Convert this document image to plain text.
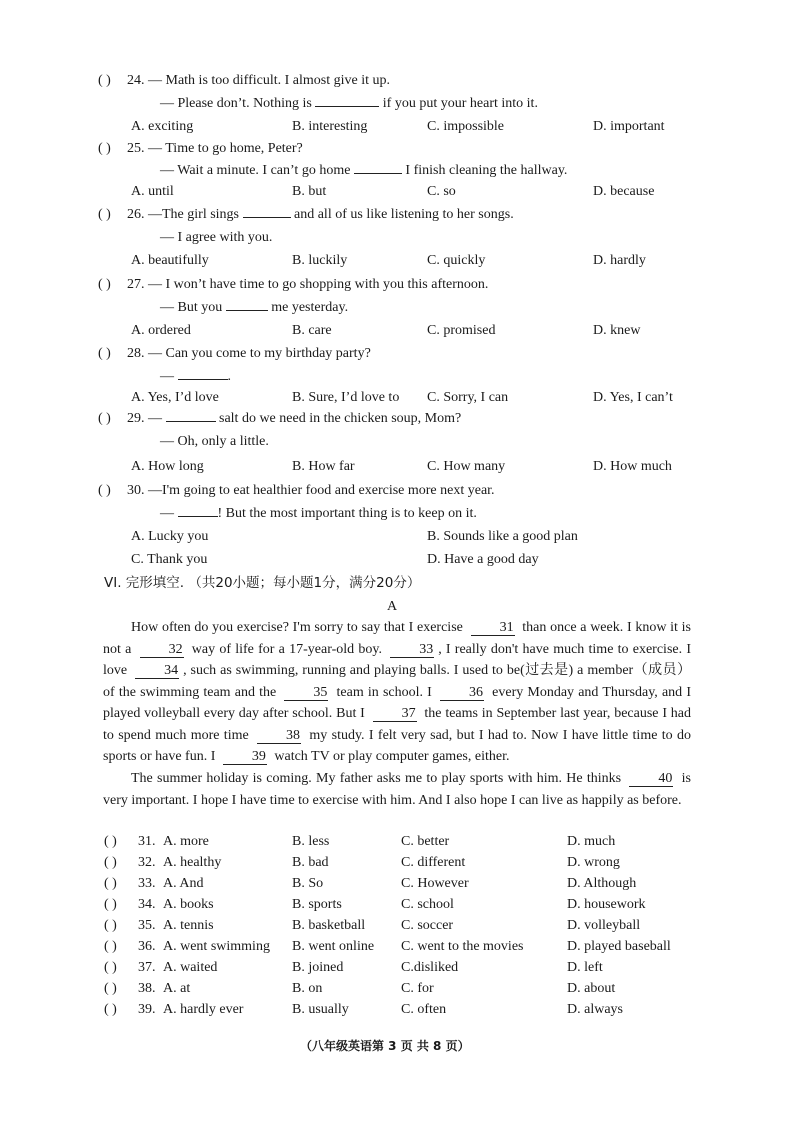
( ) 24. — Math is too difficult. I almost give it up.
— Please don’t. Nothing is	if you put your heart into it.
A. exciting	B. interesting	C. impossible	D. important
( ) 25. — Time to go home, Peter?
— Wait a minute. I can’t go home	I finish cleaning the hallway.
A. until	B. but	C. so	D. because
( ) 26. —The girl sings	and all of us like listening to her songs.
— I agree with you.
A. beautifully	B. luckily	C. quickly	D. hardly
( ) 27. — I won’t have time to go shopping with you this afternoon.
— But you	me yesterday.
A. ordered	B. care	C. promised	D. knew
( ) 28. — Can you come to my birthday party?
—	.
A. Yes, I’d love	B. Sure, I’d love to C. Sorry, I can	D. Yes, I can’t
( ) 29. —	salt do we need in the chicken soup, Mom?
— Oh, only a little.
A. How long	B. How far	C. How many	D. How much
( ) 30. —I'm going to eat healthier food and exercise more next year.
—	! But the most important thing is to keep on it.
A. Lucky you	B. Sounds like a good plan
C. Thank you	D. Have a good day
VI. 完形填空. （共20小题；每小题1分，满分20分）
A
How often do you exercise? I'm sorry to say that I exercise 31 than once a week. I know it is not a 32 way of life for a 17-year-old boy. 33 , I really don't have much time to exercise. I love 34 , such as swimming, running and playing balls. I used to be(过去是) a member（成员）of the swimming team and the 35 team in school. I 36 every Monday and Thursday, and I played volleyball every day after school. But I 37 the teams in September last year, because I had to spend much more time 38 my study. I felt very sad, but I had to. Now I have little time to do sports or have fun. I 39 watch TV or play computer games, either.
The summer holiday is coming. My father asks me to play sports with him. He thinks 40 is very important. I hope I have time to exercise with him. And I also hope I can live as happily as before.
( ) 31. A. more	B. less	C. better	D. much
( ) 32. A. healthy	B. bad	C. different	D. wrong
( ) 33. A. And	B. So	C. However	D. Although
( ) 34. A. books	B. sports	C. school	D. housework
( ) 35. A. tennis	B. basketball	C. soccer	D. volleyball
( ) 36. A. went swimming B. went online C. went to the movies	D. played baseball
( ) 37. A. waited	B. joined	C.disliked	D. left
( ) 38. A. at	B. on	C. for	D. about
( ) 39. A. hardly ever	B. usually	C. often	D. always
（八年级英语第 3 页 共 8 页）
